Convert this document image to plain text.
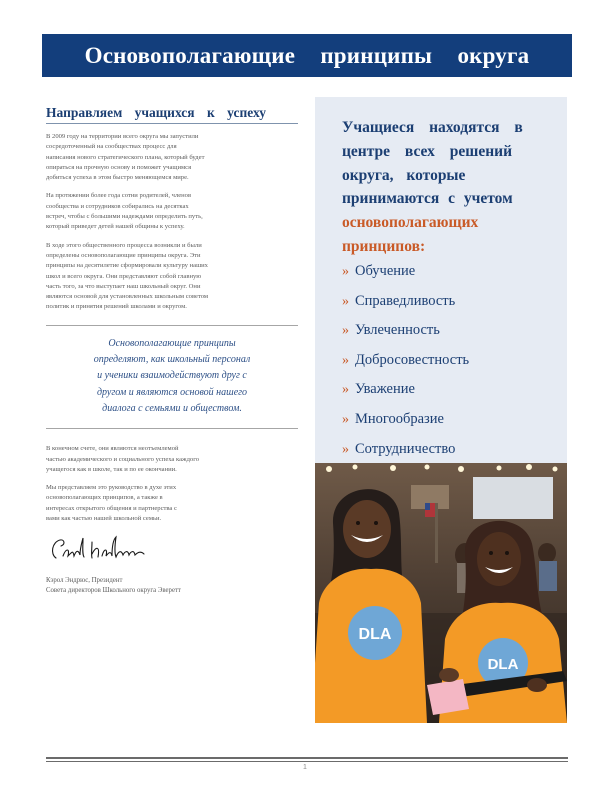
Основополагающие принципы округа
Направляем учащихся к успеху

В 2009 году на территории всего округа мы запустили
сосредоточенный на сообществах процесс для
написания нового стратегического плана, который будет
опираться на прочную основу и поможет учащимся
добиться успеха в этом быстро меняющемся мире.

На протяжении более года сотни родителей, членов
сообщества и сотрудников собирались на десятках
встреч, чтобы с большими надеждами определить путь,
который приведет детей нашей общины к успеху.

В ходе этого общественного процесса возникли и были
определены основополагающие принципы округа. Эти
принципы на десятилетие сформировали культуру наших
школ и всего округа. Они представляют собой главную
часть того, за что выступает наш школьный округ. Они
являются основой для установленных школьным советом
политик и принятия решений школами и округом.

Основополагающие принципы
определяют, как школьный персонал
и ученики взаимодействуют друг с
другом и являются основой нашего
диалога с семьями и обществом.

В конечном счете, они являются неотъемлемой
частью академического и социального успеха каждого
учащегося как в школе, так и по ее окончании.

Мы представляем это руководство в духе этих
основополагающих принципов, а также в
интересах открытого общения и партнерства с
вами как частью нашей школьной семьи.

Кэрол Эндрюс, Президент
Совета директоров Школьного округа Эверетт
Учащиеся находятся в
центре всех решений
округа, которые
принимаются с учетом
основополагающих
принципов:
» Обучение
» Справедливость
» Увлеченность
» Добросовестность
» Уважение
» Многообразие
» Сотрудничество
DLA
DLA
1
